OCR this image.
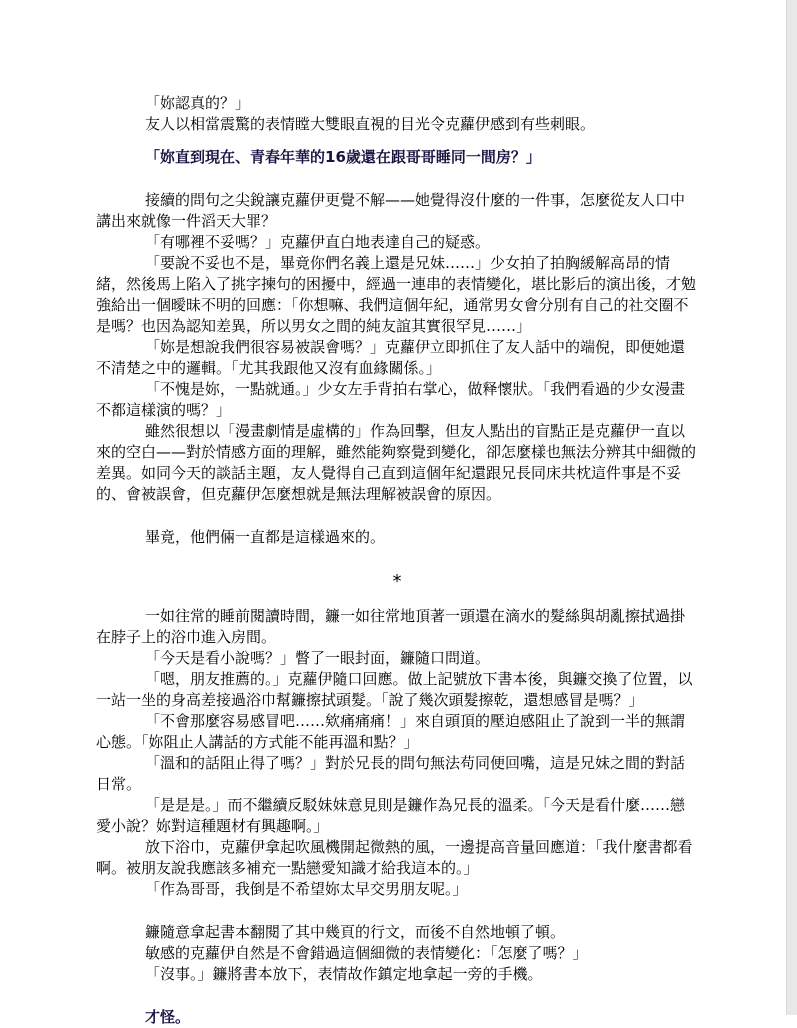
「妳認真的？」

友人以相當震驚的表情瞠大雙眼直視的目光令克蘿伊感到有些刺眼。

「妳直到現在、青春年華的16歲還在跟哥哥睡同一間房？」

接續的問句之尖銳讓克蘿伊更覺不解——她覺得沒什麼的一件事，怎麼從友人口中講出來就像一件滔天大罪？

「有哪裡不妥嗎？」克蘿伊直白地表達自己的疑惑。

「要說不妥也不是，畢竟你們名義上還是兄妹……」少女拍了拍胸緩解高昂的情緒，然後馬上陷入了挑字揀句的困擾中，經過一連串的表情變化，堪比影后的演出後，才勉強給出一個曖昧不明的回應：「你想嘛、我們這個年紀，通常男女會分別有自己的社交圈不是嗎？也因為認知差異，所以男女之間的純友誼其實很罕見……」

「妳是想說我們很容易被誤會嗎？」克蘿伊立即抓住了友人話中的端倪，即便她還不清楚之中的邏輯。「尤其我跟他又沒有血緣關係。」

「不愧是妳，一點就通。」少女左手背拍右掌心，做释懷狀。「我們看過的少女漫畫不都這樣演的嗎？」

雖然很想以「漫畫劇情是虛構的」作為回擊，但友人點出的盲點正是克蘿伊一直以來的空白——對於情感方面的理解，雖然能夠察覺到變化，卻怎麼樣也無法分辨其中細微的差異。如同今天的談話主題，友人覺得自己直到這個年紀還跟兄長同床共枕這件事是不妥的、會被誤會，但克蘿伊怎麼想就是無法理解被誤會的原因。

畢竟，他們倆一直都是這樣過來的。

*

一如往常的睡前閱讀時間，鐮一如往常地頂著一頭還在滴水的髮絲與胡亂擦拭過掛在脖子上的浴巾進入房間。

「今天是看小說嗎？」瞥了一眼封面，鐮隨口問道。

「嗯，朋友推薦的。」克蘿伊隨口回應。做上記號放下書本後，與鐮交換了位置，以一站一坐的身高差接過浴巾幫鐮擦拭頭髮。「說了幾次頭髮擦乾，還想感冒是嗎？」

「不會那麼容易感冒吧……欸痛痛痛！」來自頭頂的壓迫感阻止了說到一半的無謂心態。「妳阻止人講話的方式能不能再溫和點？」

「溫和的話阻止得了嗎？」對於兄長的問句無法苟同便回嘴，這是兄妹之間的對話日常。

「是是是。」而不繼續反駁妹妹意見則是鐮作為兄長的溫柔。「今天是看什麼……戀愛小說？妳對這種題材有興趣啊。」

放下浴巾，克蘿伊拿起吹風機開起微熱的風，一邊提高音量回應道：「我什麼書都看啊。被朋友說我應該多補充一點戀愛知識才給我這本的。」

「作為哥哥，我倒是不希望妳太早交男朋友呢。」

鐮隨意拿起書本翻閱了其中幾頁的行文，而後不自然地頓了頓。

敏感的克蘿伊自然是不會錯過這個細微的表情變化：「怎麼了嗎？」

「沒事。」鐮將書本放下，表情故作鎮定地拿起一旁的手機。

才怪。
